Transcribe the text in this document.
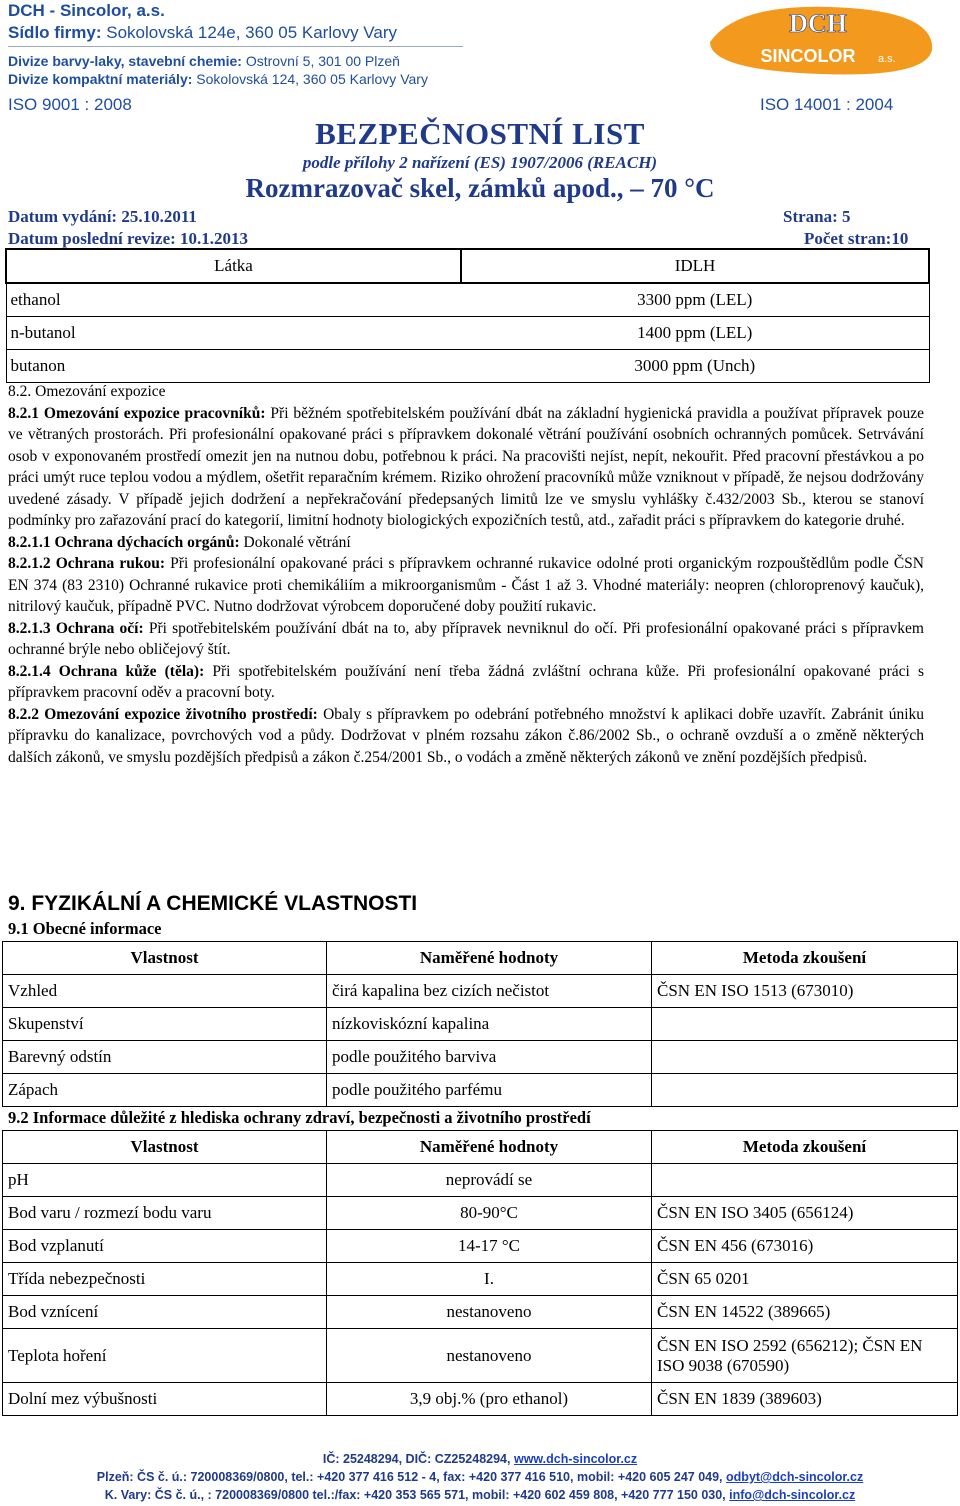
DCH - Sincolor, a.s.
Sídlo firmy: Sokolovská 124e, 360 05 Karlovy Vary
Divize barvy-laky, stavební chemie: Ostrovní 5, 301 00 Plzeň
Divize kompaktní materiály: Sokolovská 124, 360 05 Karlovy Vary
DCH
SINCOLOR a.s.
ISO 9001 : 2008	ISO 14001 : 2004
BEZPEČNOSTNÍ LIST
podle přílohy 2 nařízení (ES) 1907/2006 (REACH)
Rozmrazovač skel, zámků apod., – 70 °C
Datum vydání: 25.10.2011
Datum poslední revize: 10.1.2013
Strana: 5
Počet stran:10
Látka	IDLH
ethanol	3300 ppm (LEL)
n-butanol	1400 ppm (LEL)
butanon	3000 ppm (Unch)

8.2. Omezování expozice

8.2.1 Omezování expozice pracovníků: Při běžném spotřebitelském používání dbát na základní hygienická pravidla a používat přípravek pouze ve větraných prostorách. Při profesionální opakované práci s přípravkem dokonalé větrání používání osobních ochranných pomůcek. Setrvávání osob v exponovaném prostředí omezit jen na nutnou dobu, potřebnou k práci. Na pracovišti nejíst, nepít, nekouřit. Před pracovní přestávkou a po práci umýt ruce teplou vodou a mýdlem, ošetřit reparačním krémem. Riziko ohrožení pracovníků může vzniknout v případě, že nejsou dodržovány uvedené zásady. V případě jejich dodržení a nepřekračování předepsaných limitů lze ve smyslu vyhlášky č.432/2003 Sb., kterou se stanoví podmínky pro zařazování prací do kategorií, limitní hodnoty biologických expozičních testů, atd., zařadit práci s přípravkem do kategorie druhé.

8.2.1.1 Ochrana dýchacích orgánů: Dokonalé větrání

8.2.1.2 Ochrana rukou: Při profesionální opakované práci s přípravkem ochranné rukavice odolné proti organickým rozpouštědlům podle ČSN EN 374 (83 2310) Ochranné rukavice proti chemikáliím a mikroorganismům - Část 1 až 3. Vhodné materiály: neopren (chloroprenový kaučuk), nitrilový kaučuk, případně PVC. Nutno dodržovat výrobcem doporučené doby použití rukavic.

8.2.1.3 Ochrana očí: Při spotřebitelském používání dbát na to, aby přípravek nevniknul do očí. Při profesionální opakované práci s přípravkem ochranné brýle nebo obličejový štít.

8.2.1.4 Ochrana kůže (těla): Při spotřebitelském používání není třeba žádná zvláštní ochrana kůže. Při profesionální opakované práci s přípravkem pracovní oděv a pracovní boty.

8.2.2 Omezování expozice životního prostředí: Obaly s přípravkem po odebrání potřebného množství k aplikaci dobře uzavřít. Zabránit úniku přípravku do kanalizace, povrchových vod a půdy. Dodržovat v plném rozsahu zákon č.86/2002 Sb., o ochraně ovzduší a o změně některých dalších zákonů, ve smyslu pozdějších předpisů a zákon č.254/2001 Sb., o vodách a změně některých zákonů ve znění pozdějších předpisů.

9. FYZIKÁLNÍ A CHEMICKÉ VLASTNOSTI
9.1 Obecné informace
Vlastnost	Naměřené hodnoty	Metoda zkoušení
Vzhled	čirá kapalina bez cizích nečistot	ČSN EN ISO 1513 (673010)
Skupenství	nízkoviskózní kapalina	
Barevný odstín	podle použitého barviva	
Zápach	podle použitého parfému	
9.2 Informace důležité z hlediska ochrany zdraví, bezpečnosti a životního prostředí
Vlastnost	Naměřené hodnoty	Metoda zkoušení
pH	neprovádí se	
Bod varu / rozmezí bodu varu	80-90°C	ČSN EN ISO 3405 (656124)
Bod vzplanutí	14-17 °C	ČSN EN 456 (673016)
Třída nebezpečnosti	I.	ČSN 65 0201
Bod vznícení	nestanoveno	ČSN EN 14522 (389665)
Teplota hoření	nestanoveno	ČSN EN ISO 2592 (656212); ČSN EN ISO 9038 (670590)
Dolní mez výbušnosti	3,9 obj.% (pro ethanol)	ČSN EN 1839 (389603)
IČ: 25248294, DIČ: CZ25248294, www.dch-sincolor.cz
Plzeň: ČS č. ú.: 720008369/0800, tel.: +420 377 416 512 - 4, fax: +420 377 416 510, mobil: +420 605 247 049, odbyt@dch-sincolor.cz
K. Vary: ČS č. ú., : 720008369/0800 tel.:/fax: +420 353 565 571, mobil: +420 602 459 808, +420 777 150 030, info@dch-sincolor.cz
